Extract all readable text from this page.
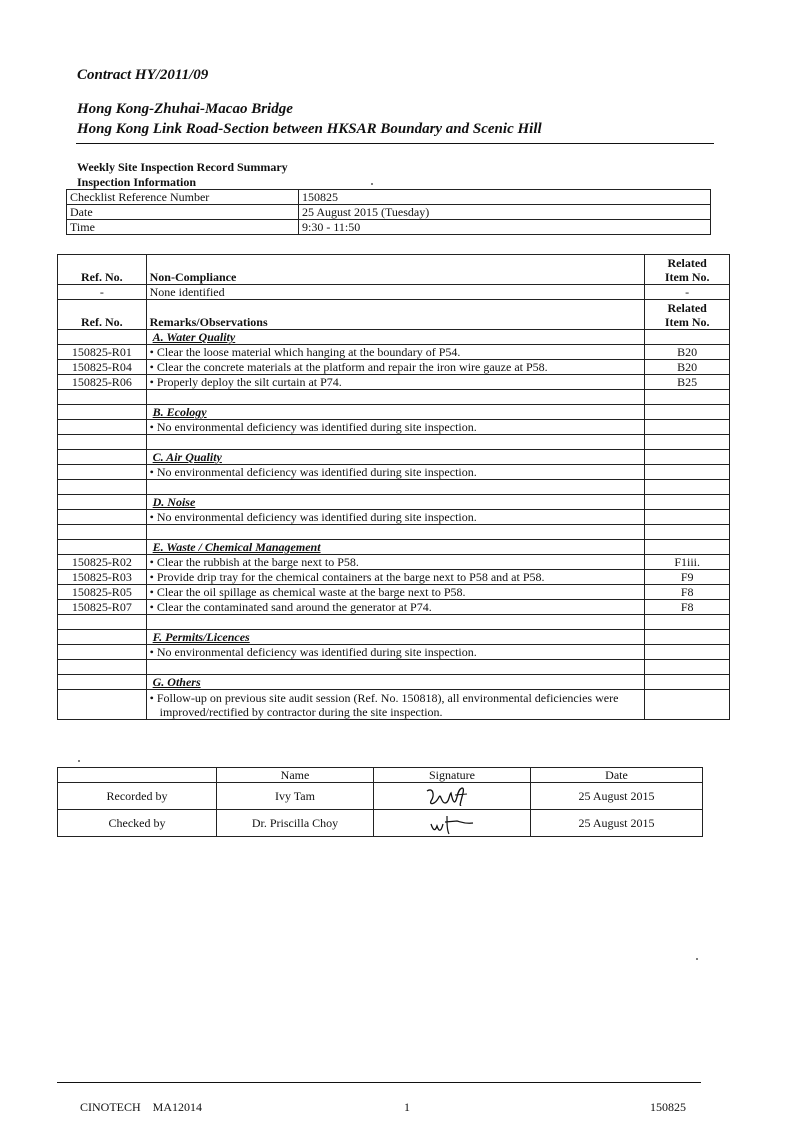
Contract HY/2011/09
Hong Kong-Zhuhai-Macao Bridge
Hong Kong Link Road-Section between HKSAR Boundary and Scenic Hill
Weekly Site Inspection Record Summary
Inspection Information
Checklist Reference Number	150825
Date	25 August 2015 (Tuesday)
Time	9:30 - 11:50
Ref. No.	Non-Compliance	Related
Item No.
-	None identified	-
Ref. No.	Remarks/Observations	Related
Item No.
	A. Water Quality	
150825-R01	• Clear the loose material which hanging at the boundary of P54.	B20
150825-R04	• Clear the concrete materials at the platform and repair the iron wire gauze at P58.	B20
150825-R06	• Properly deploy the silt curtain at P74.	B25

	B. Ecology	
	• No environmental deficiency was identified during site inspection.	

	C. Air Quality	
	• No environmental deficiency was identified during site inspection.	

	D. Noise	
	• No environmental deficiency was identified during site inspection.	

	E. Waste / Chemical Management	
150825-R02	• Clear the rubbish at the barge next to P58.	F1iii.
150825-R03	• Provide drip tray for the chemical containers at the barge next to P58 and at P58.	F9
150825-R05	• Clear the oil spillage as chemical waste at the barge next to P58.	F8
150825-R07	• Clear the contaminated sand around the generator at P74.	F8

	F. Permits/Licences	
	• No environmental deficiency was identified during site inspection.	

	G. Others	

	• Follow-up on previous site audit session (Ref. No. 150818), all environmental deficiencies were improved/rectified by contractor during the site inspection.

	Name	Signature	Date
Recorded by	Ivy Tam		25 August 2015
Checked by	Dr. Priscilla Choy		25 August 2015
CINOTECH    MA12014	1	150825
